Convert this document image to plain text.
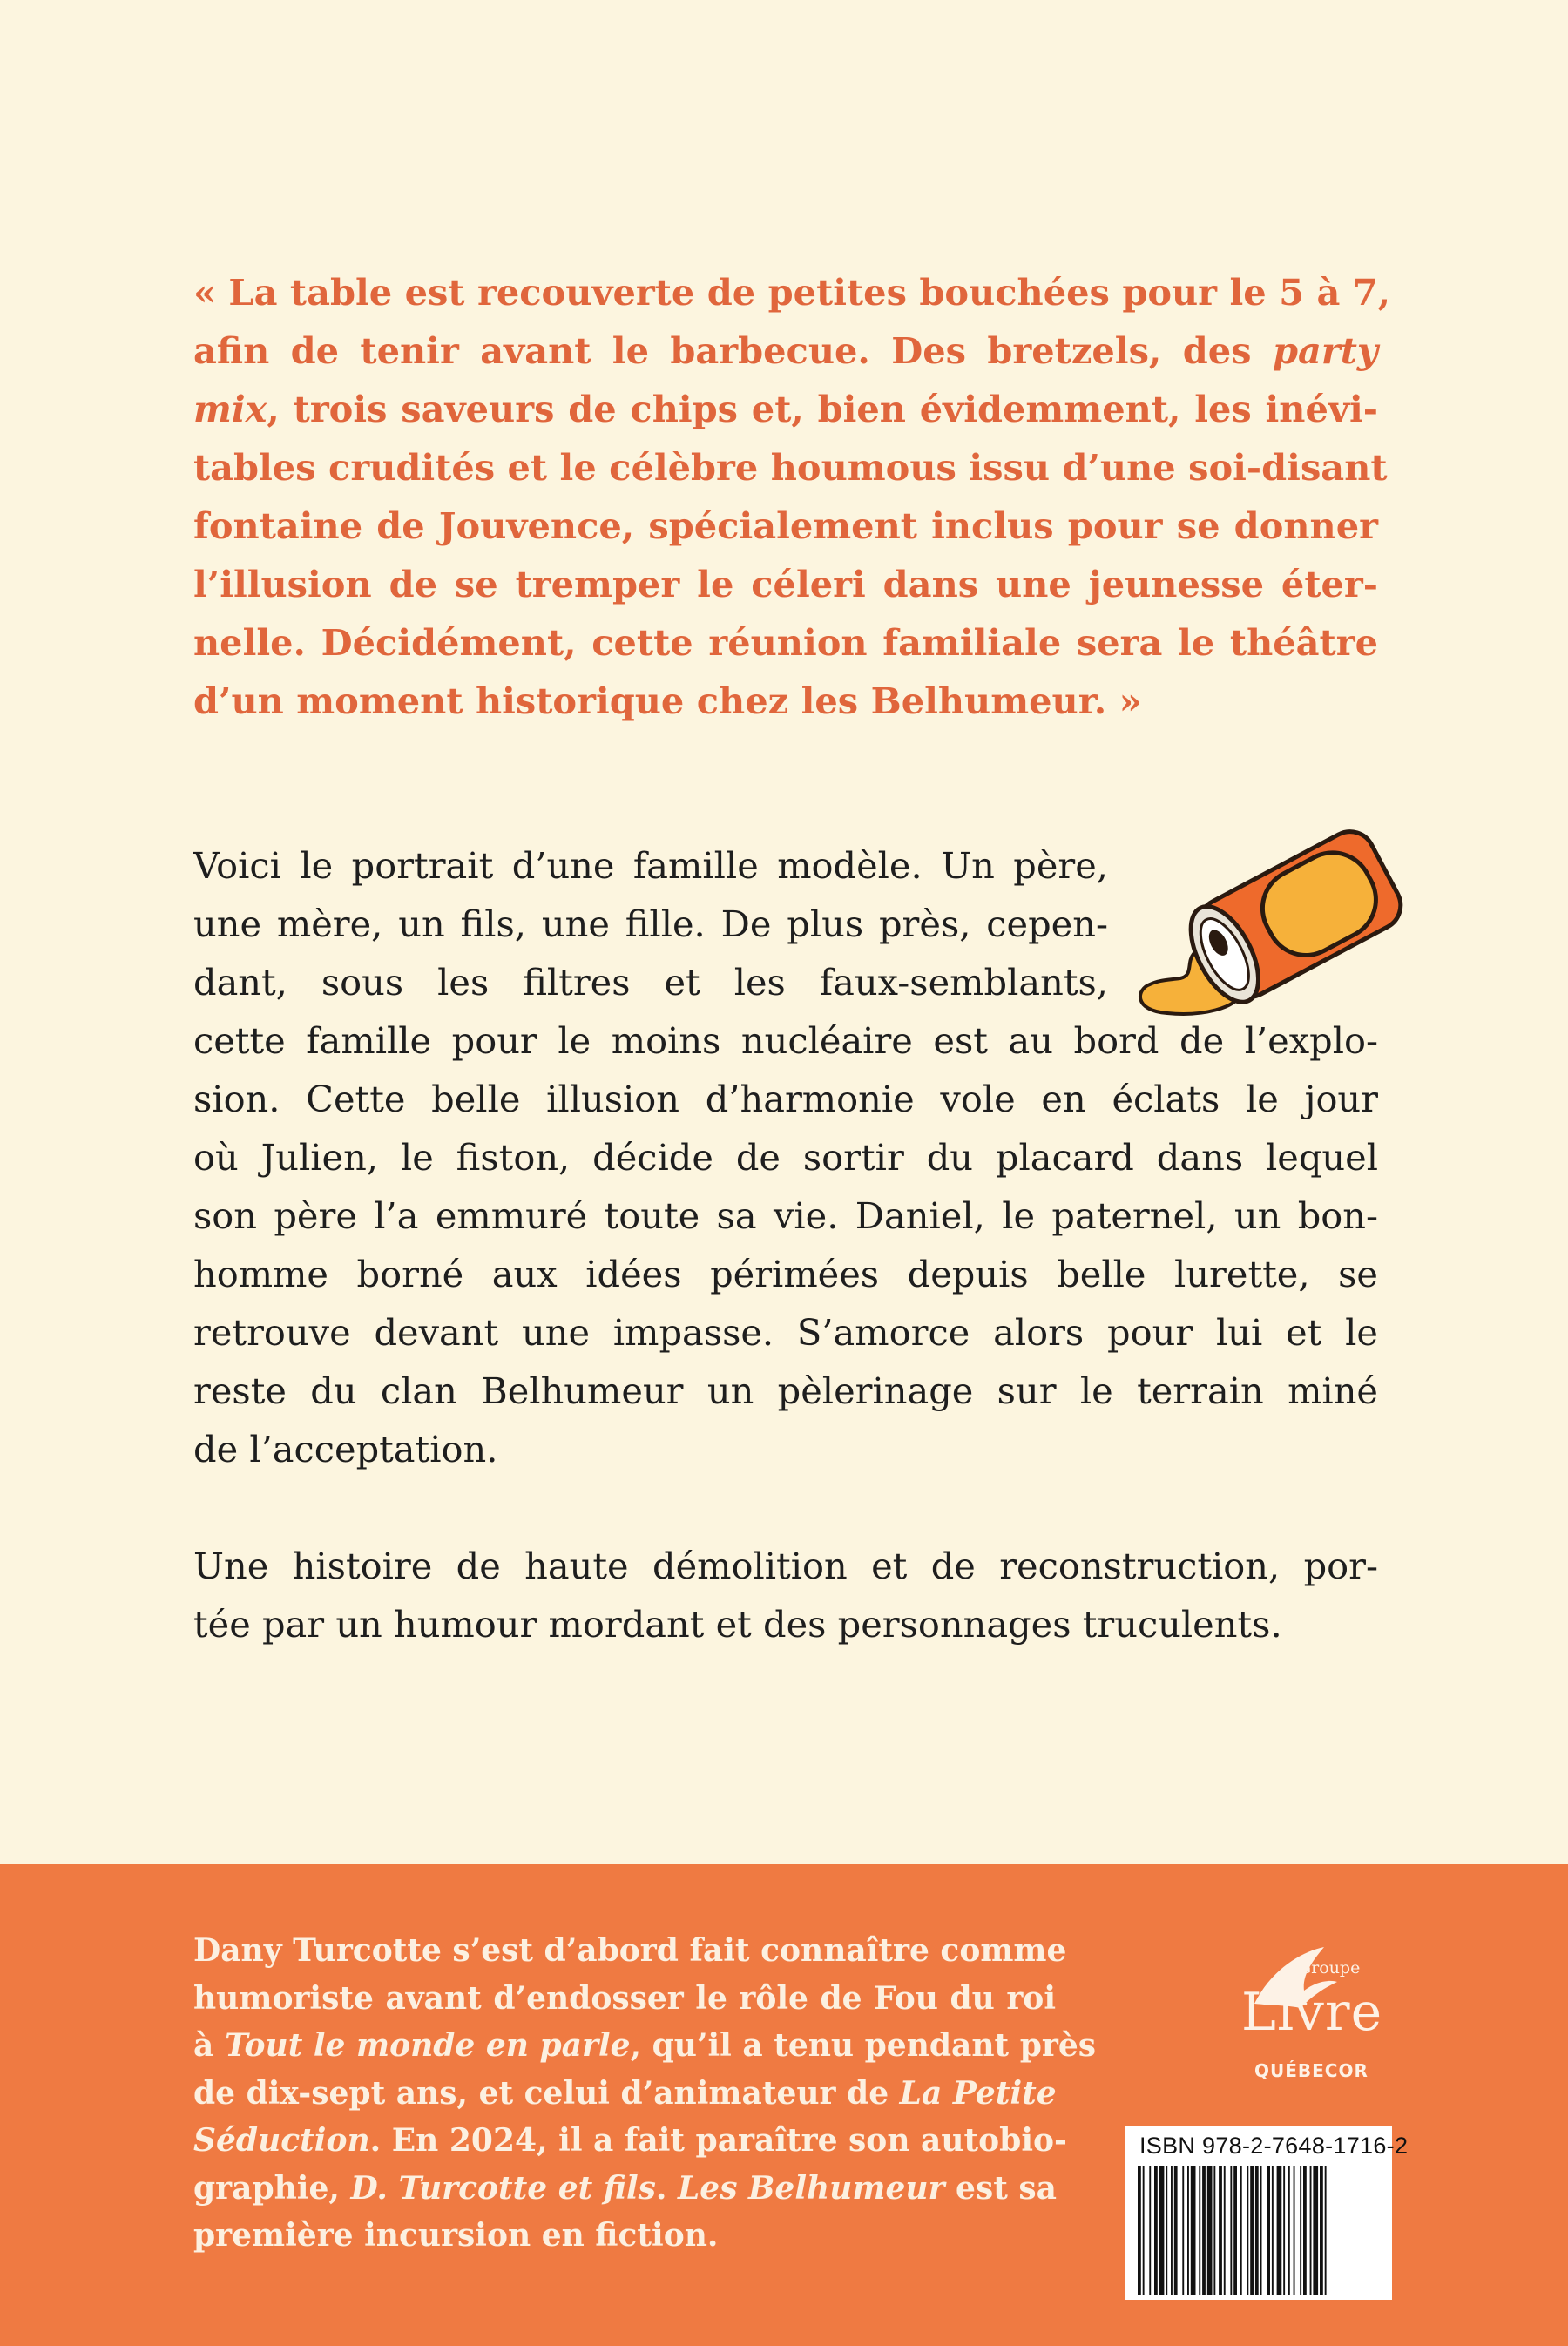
« La table est recouverte de petites bouchées pour le 5 à 7,
afin de tenir avant le barbecue. Des bretzels, des party
mix, trois saveurs de chips et, bien évidemment, les inévi-
tables crudités et le célèbre houmous issu d’une soi-disant
fontaine de Jouvence, spécialement inclus pour se donner
l’illusion de se tremper le céleri dans une jeunesse éter-
nelle. Décidément, cette réunion familiale sera le théâtre
d’un moment historique chez les Belhumeur. »

Voici le portrait d’une famille modèle. Un père,
une mère, un fils, une fille. De plus près, cepen-
dant, sous les filtres et les faux-semblants,
cette famille pour le moins nucléaire est au bord de l’explo-
sion. Cette belle illusion d’harmonie vole en éclats le jour
où Julien, le fiston, décide de sortir du placard dans lequel
son père l’a emmuré toute sa vie. Daniel, le paternel, un bon-
homme borné aux idées périmées depuis belle lurette, se
retrouve devant une impasse. S’amorce alors pour lui et le
reste du clan Belhumeur un pèlerinage sur le terrain miné
de l’acceptation.

Une histoire de haute démolition et de reconstruction, por-
tée par un humour mordant et des personnages truculents.

Dany Turcotte s’est d’abord fait connaître comme
humoriste avant d’endosser le rôle de Fou du roi
à Tout le monde en parle, qu’il a tenu pendant près
de dix-sept ans, et celui d’animateur de La Petite
Séduction. En 2024, il a fait paraître son autobio-
graphie, D. Turcotte et fils. Les Belhumeur est sa
première incursion en fiction.

Groupe
Livre
QUÉBECOR
ISBN 978-2-7648-1716-2
